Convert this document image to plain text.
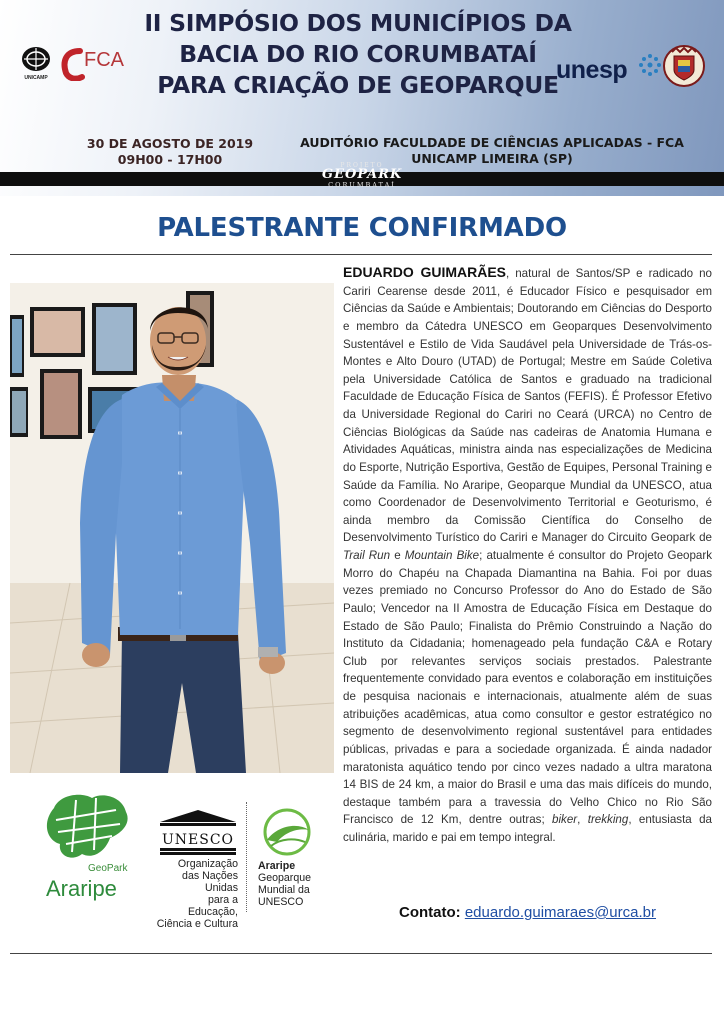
UNICAMP
FCA
II SIMPÓSIO DOS MUNICÍPIOS DA
BACIA DO RIO CORUMBATAÍ
PARA CRIAÇÃO DE GEOPARQUE
unesp
30 DE AGOSTO DE 2019
09H00 - 17H00
AUDITÓRIO FACULDADE DE CIÊNCIAS APLICADAS - FCA
UNICAMP LIMEIRA (SP)
PROJETO
GEOPARK
CORUMBATAÍ
PALESTRANTE CONFIRMADO
EDUARDO GUIMARÃES, natural de Santos/SP e radicado no Cariri Cearense desde 2011, é Educador Físico e pesquisador em Ciências da Saúde e Ambientais; Doutorando em Ciências do Desporto e membro da Cátedra UNESCO em Geoparques Desenvolvimento Sustentável e Estilo de Vida Saudável pela Universidade de Trás-os-Montes e Alto Douro (UTAD) de Portugal; Mestre em Saúde Coletiva pela Universidade Católica de Santos e graduado na tradicional Faculdade de Educação Física de Santos (FEFIS). É Professor Efetivo da Universidade Regional do Cariri no Ceará (URCA) no Centro de Ciências Biológicas da Saúde nas cadeiras de Anatomia Humana e Atividades Aquáticas, ministra ainda nas especializações de Medicina do Esporte, Nutrição Esportiva, Gestão de Equipes, Personal Training e Saúde da Família. No Araripe, Geoparque Mundial da UNESCO, atua como Coordenador de Desenvolvimento Territorial e Geoturismo, é ainda membro da Comissão Científica do Conselho de Desenvolvimento Turístico do Cariri e Manager do Circuito Geopark de Trail Run e Mountain Bike; atualmente é consultor do Projeto Geopark Morro do Chapéu na Chapada Diamantina na Bahia. Foi por duas vezes premiado no Concurso Professor do Ano do Estado de São Paulo; Vencedor na II Amostra de Educação Física em Destaque do Estado de São Paulo; Finalista do Prêmio Construindo a Nação do Instituto da Cidadania; homenageado pela fundação C&A e Rotary Club por relevantes serviços sociais prestados. Palestrante frequentemente convidado para eventos e colaboração em instituições de pesquisa nacionais e internacionais, atualmente além de suas atribuições acadêmicas, atua como consultor e gestor estratégico no segmento de desenvolvimento regional sustentável para entidades públicas, privadas e para a sociedade organizada. É ainda nadador maratonista aquático tendo por cinco vezes nadado a ultra maratona 14 BIS de 24 km, a maior do Brasil e uma das mais difíceis do mundo, destaque também para a travessia do Velho Chico no Rio São Francisco de 12 Km, dentre outras; biker, trekking, entusiasta da culinária, marido e pai em tempo integral.
Contato: eduardo.guimaraes@urca.br
GeoPark
Araripe
UNESCO
Organização
das Nações Unidas
para a Educação,
Ciência e Cultura
Araripe
Geoparque
Mundial da
UNESCO
